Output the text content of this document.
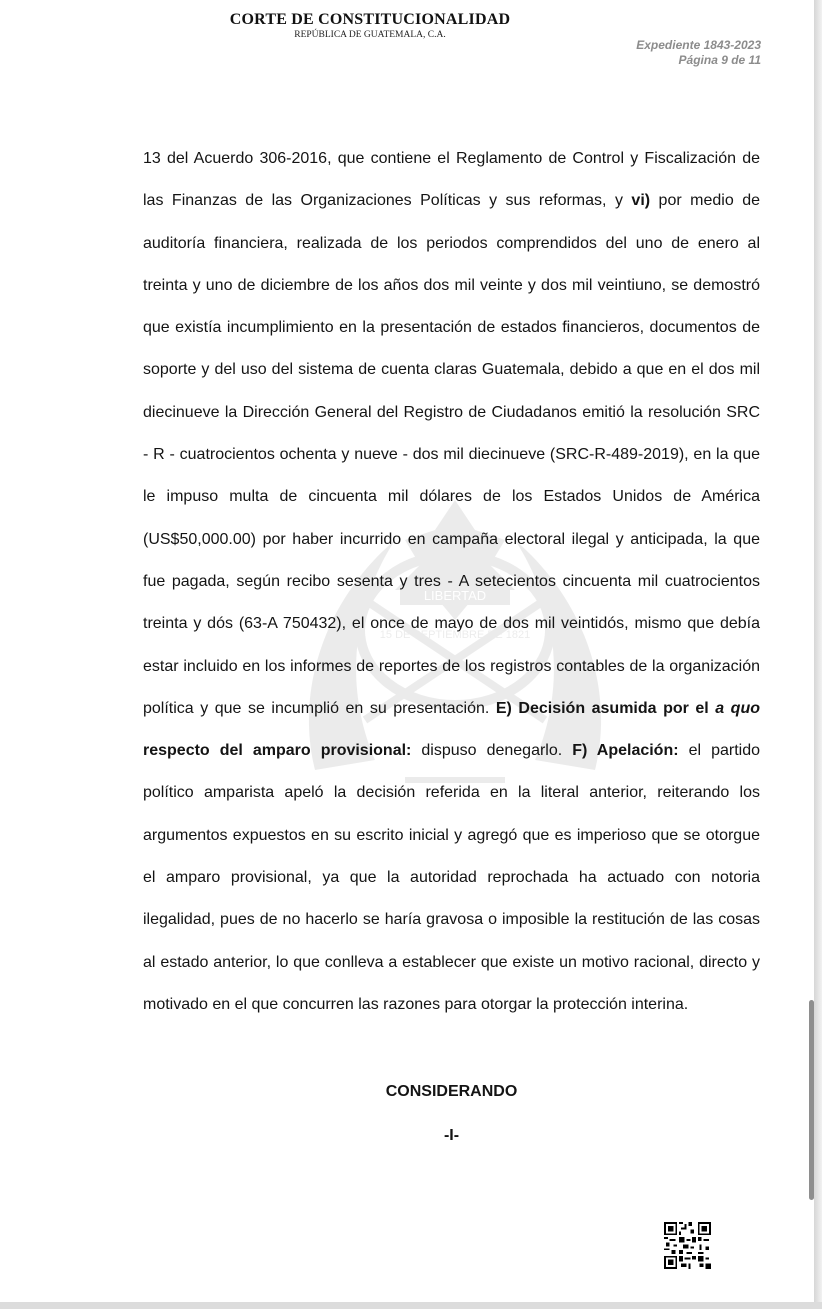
CORTE DE CONSTITUCIONALIDAD
REPÚBLICA DE GUATEMALA, C.A.
Expediente 1843-2023
Página 9 de 11
LIBERTAD
15 DE SEPTIEMBRE DE 1821

13 del Acuerdo 306-2016, que contiene el Reglamento de Control y Fiscalización de las Finanzas de las Organizaciones Políticas y sus reformas, y vi) por medio de auditoría financiera, realizada de los periodos comprendidos del uno de enero al treinta y uno de diciembre de los años dos mil veinte y dos mil veintiuno, se demostró que existía incumplimiento en la presentación de estados financieros, documentos de soporte y del uso del sistema de cuenta claras Guatemala, debido a que en el dos mil diecinueve la Dirección General del Registro de Ciudadanos emitió la resolución SRC - R - cuatrocientos ochenta y nueve - dos mil diecinueve (SRC-R-489-2019), en la que le impuso multa de cincuenta mil dólares de los Estados Unidos de América (US$50,000.00) por haber incurrido en campaña electoral ilegal y anticipada, la que fue pagada, según recibo sesenta y tres - A setecientos cincuenta mil cuatrocientos treinta y dós (63-A 750432), el once de mayo de dos mil veintidós, mismo que debía estar incluido en los informes de reportes de los registros contables de la organización política y que se incumplió en su presentación. E) Decisión asumida por el a quo respecto del amparo provisional: dispuso denegarlo. F) Apelación: el partido político amparista apeló la decisión referida en la literal anterior, reiterando los argumentos expuestos en su escrito inicial y agregó que es imperioso que se otorgue el amparo provisional, ya que la autoridad reprochada ha actuado con notoria ilegalidad, pues de no hacerlo se haría gravosa o imposible la restitución de las cosas al estado anterior, lo que conlleva a establecer que existe un motivo racional, directo y motivado en el que concurren las razones para otorgar la protección interina.

CONSIDERANDO
-I-
